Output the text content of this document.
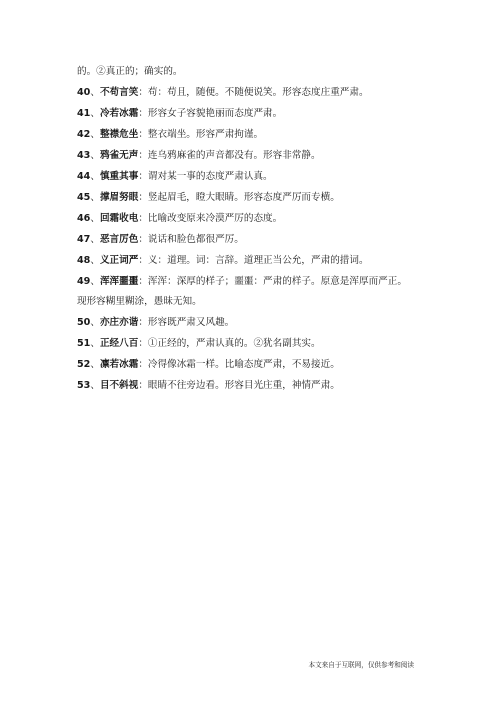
的。②真正的；确实的。
40、不苟言笑：苟：苟且，随便。不随便说笑。形容态度庄重严肃。
41、冷若冰霜：形容女子容貌艳丽而态度严肃。
42、整襟危坐：整衣端坐。形容严肃拘谨。
43、鸦雀无声：连乌鸦麻雀的声音都没有。形容非常静。
44、慎重其事：谓对某一事的态度严肃认真。
45、撑眉努眼：竖起眉毛，瞪大眼睛。形容态度严厉而专横。
46、回霜收电：比喻改变原来冷漠严厉的态度。
47、恶言厉色：说话和脸色都很严厉。
48、义正词严：义：道理。词：言辞。道理正当公允，严肃的措词。
49、浑浑噩噩：浑浑：深厚的样子；噩噩：严肃的样子。原意是浑厚而严正。
现形容糊里糊涂，愚昧无知。
50、亦庄亦谐：形容既严肃又风趣。
51、正经八百：①正经的，严肃认真的。②犹名副其实。
52、凛若冰霜：冷得像冰霜一样。比喻态度严肃，不易接近。
53、目不斜视：眼睛不往旁边看。形容目光庄重，神情严肃。
本文来自于互联网，仅供参考和阅读
